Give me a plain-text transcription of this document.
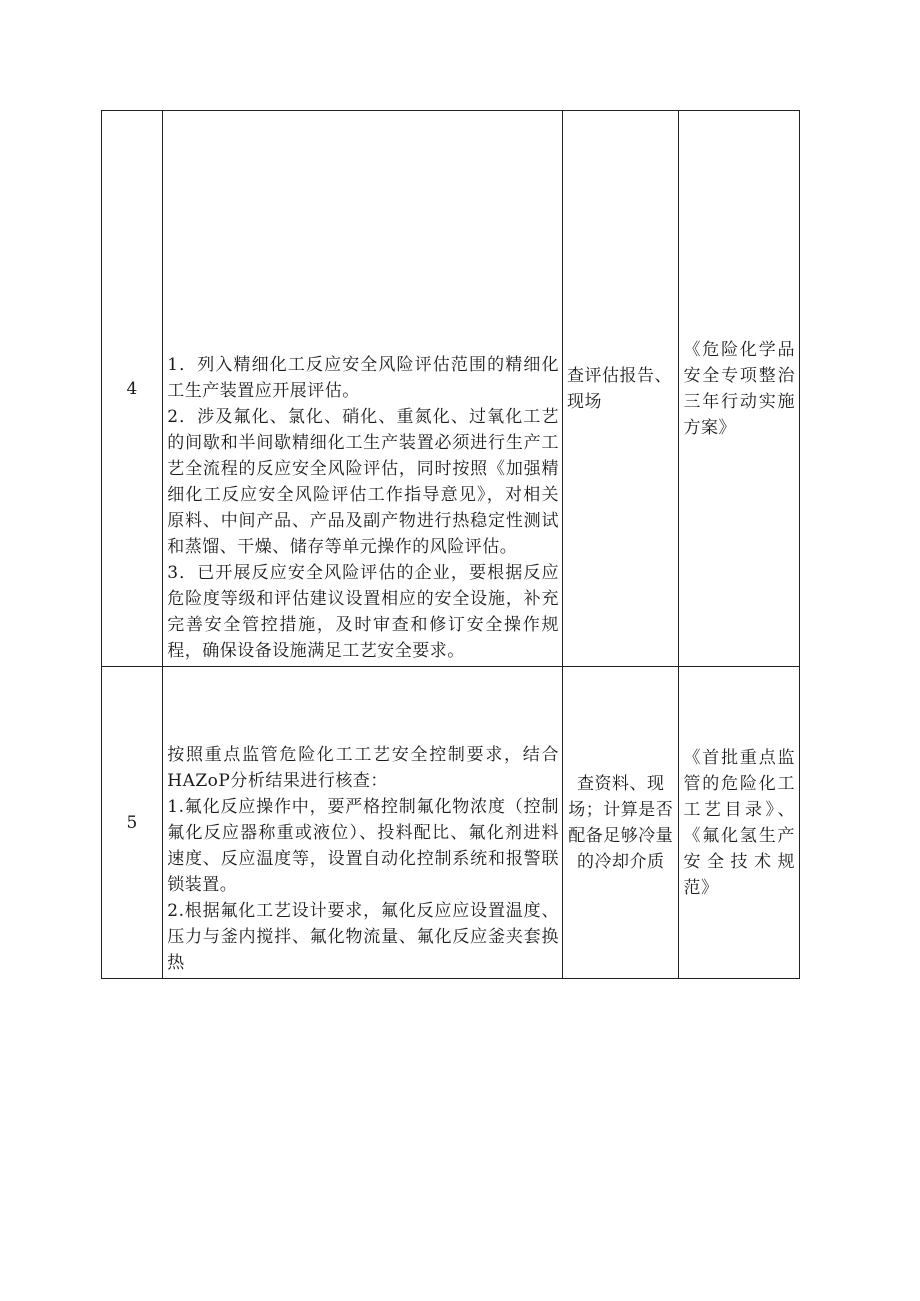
4	1．列入精细化工反应安全风险评估范围的精细化工生产装置应开展评估。
2．涉及氟化、氯化、硝化、重氮化、过氧化工艺的间歇和半间歇精细化工生产装置必须进行生产工艺全流程的反应安全风险评估，同时按照《加强精细化工反应安全风险评估工作指导意见》，对相关原料、中间产品、产品及副产物进行热稳定性测试和蒸馏、干燥、储存等单元操作的风险评估。
3．已开展反应安全风险评估的企业，要根据反应危险度等级和评估建议设置相应的安全设施，补充完善安全管控措施，及时审查和修订安全操作规程，确保设备设施满足工艺安全要求。	查评估报告、现场	《危险化学品安全专项整治三年行动实施方案》
5	按照重点监管危险化工工艺安全控制要求，结合HAZoP分析结果进行核查：
1.氟化反应操作中，要严格控制氟化物浓度（控制氟化反应器称重或液位）、投料配比、氟化剂进料速度、反应温度等，设置自动化控制系统和报警联锁装置。
2.根据氟化工艺设计要求，氟化反应应设置温度、压力与釜内搅拌、氟化物流量、氟化反应釜夹套换热	查资料、现场；计算是否配备足够冷量的冷却介质	《首批重点监管的危险化工工艺目录》、《氟化氢生产安全技术规范》
